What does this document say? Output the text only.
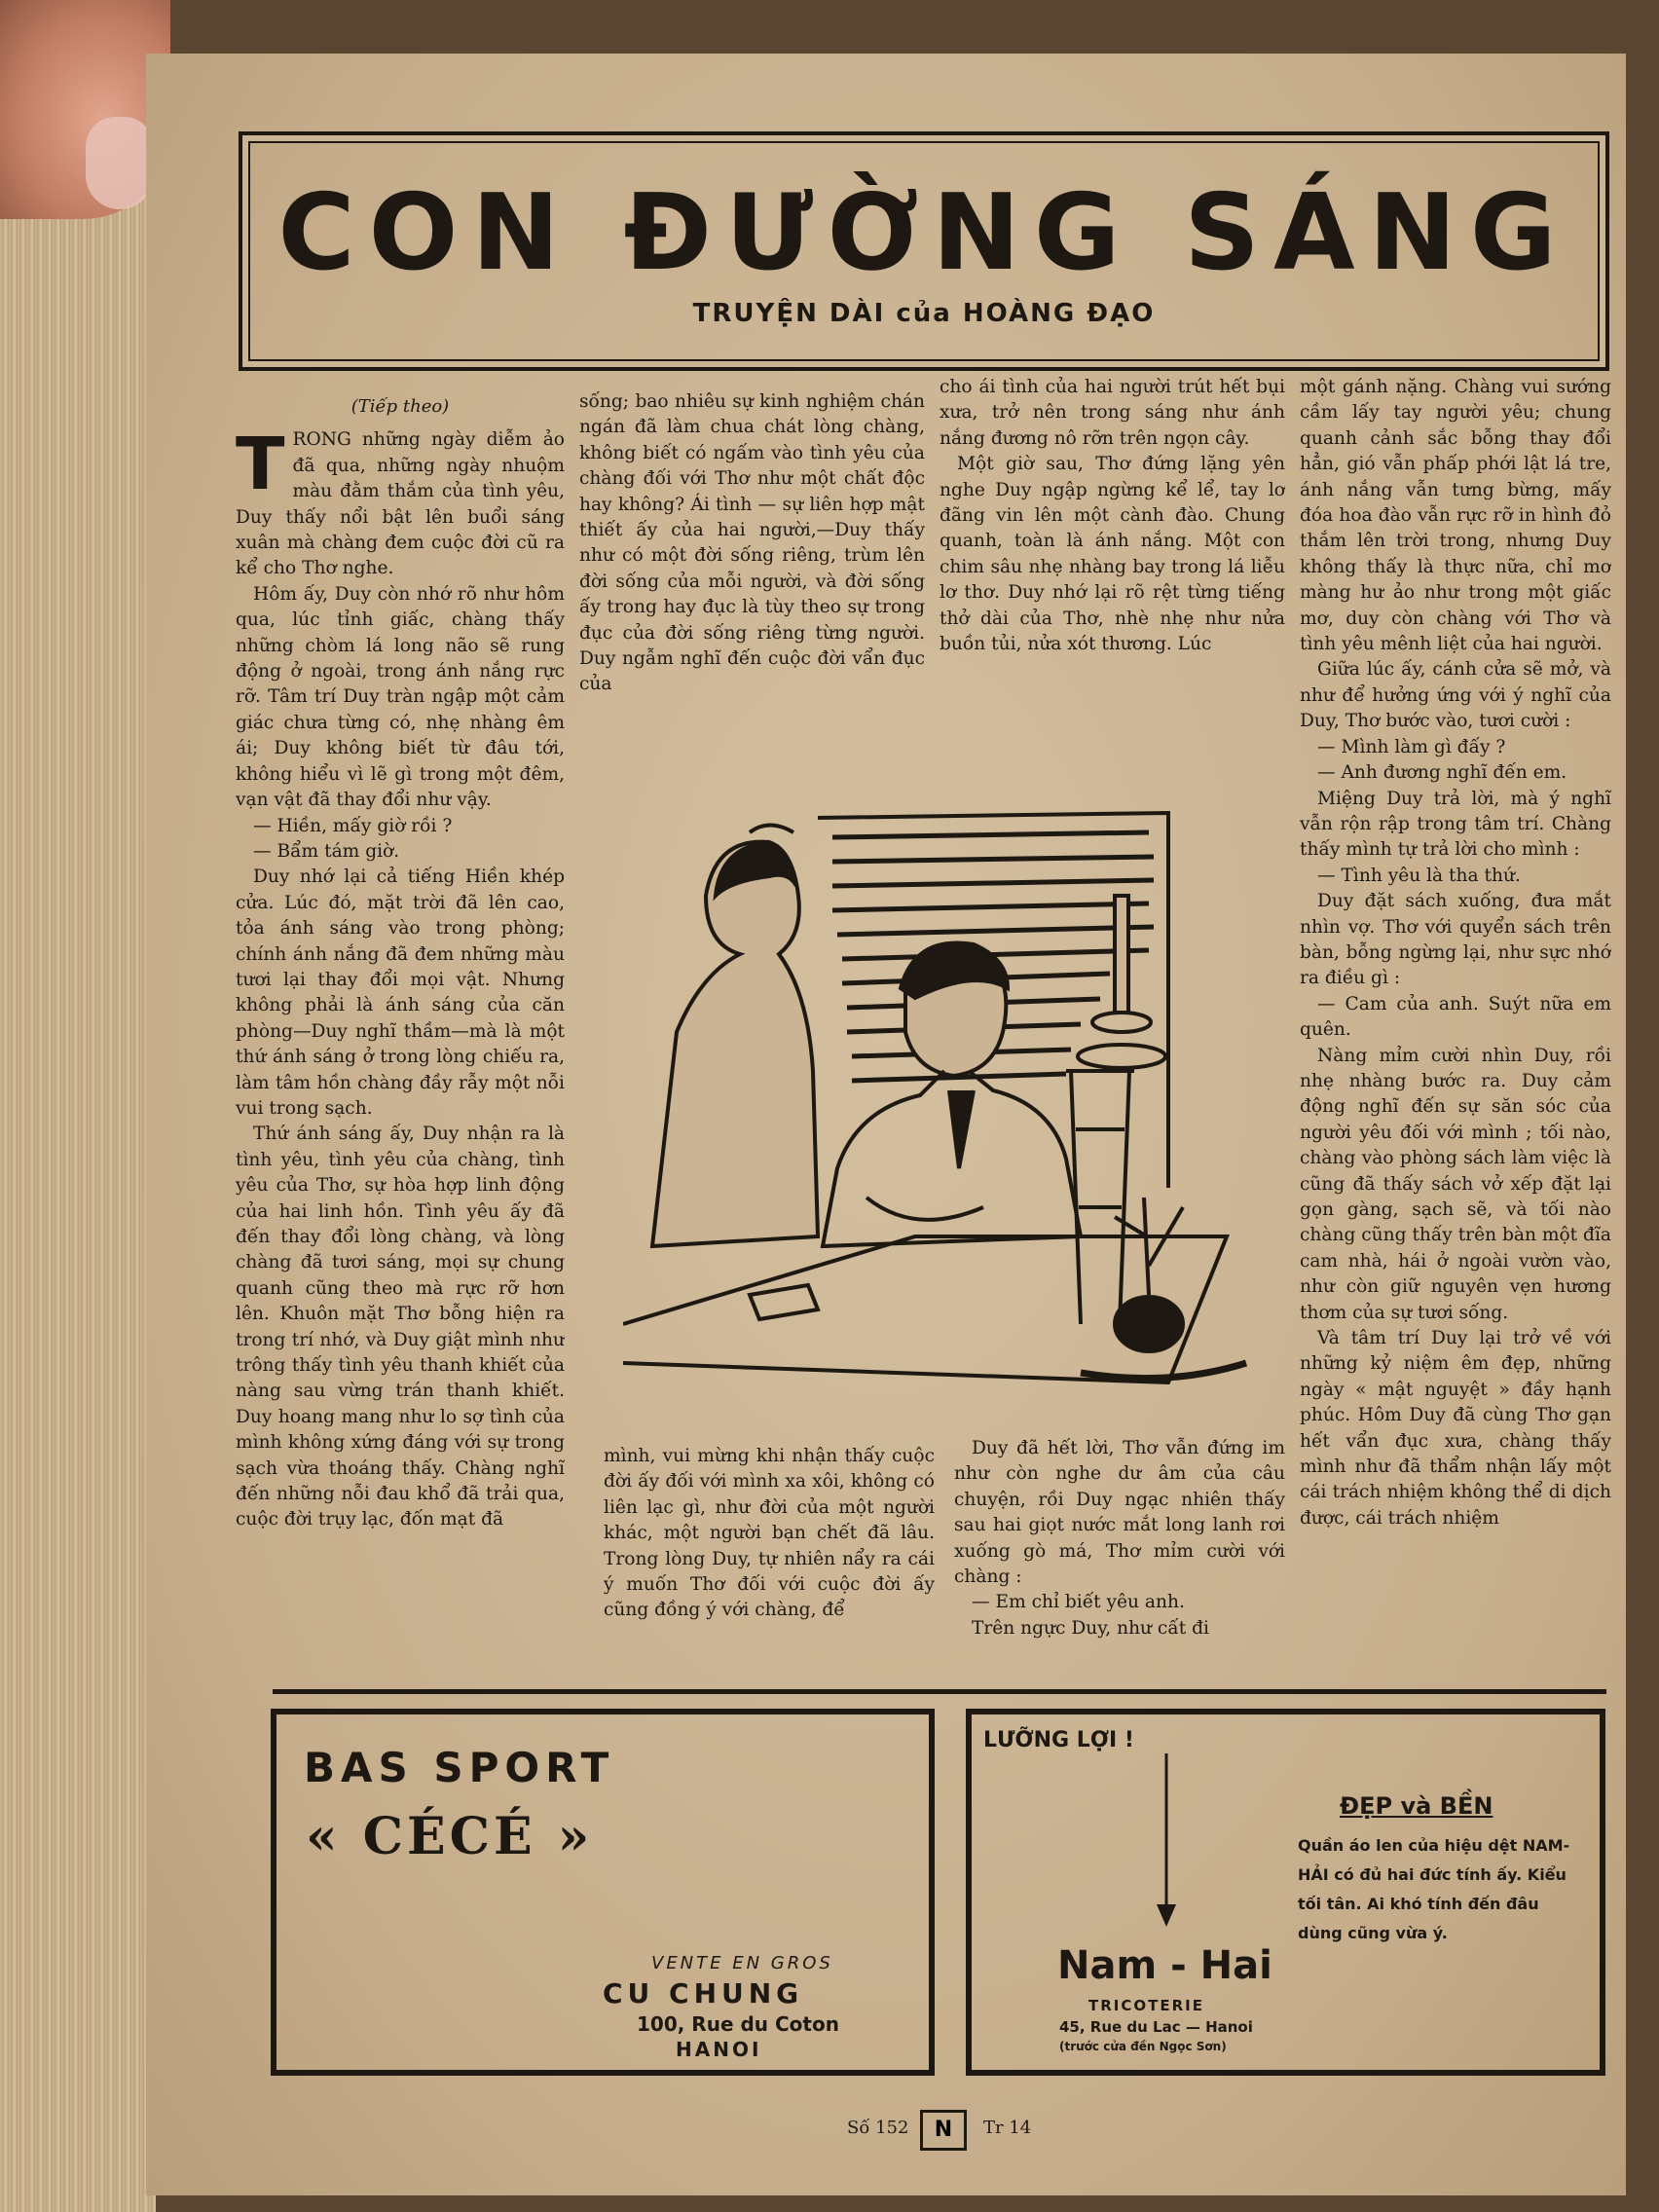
CON ĐƯỜNG SÁNG
TRUYỆN DÀI của HOÀNG ĐẠO

(Tiếp theo)

TRONG những ngày diễm ảo đã qua, những ngày nhuộm màu đằm thắm của tình yêu, Duy thấy nổi bật lên buổi sáng xuân mà chàng đem cuộc đời cũ ra kể cho Thơ nghe.

Hôm ấy, Duy còn nhớ rõ như hôm qua, lúc tỉnh giấc, chàng thấy những chòm lá long não sẽ rung động ở ngoài, trong ánh nắng rực rỡ. Tâm trí Duy tràn ngập một cảm giác chưa từng có, nhẹ nhàng êm ái; Duy không biết từ đâu tới, không hiểu vì lẽ gì trong một đêm, vạn vật đã thay đổi như vậy.

— Hiền, mấy giờ rồi ?

— Bẩm tám giờ.

Duy nhớ lại cả tiếng Hiền khép cửa. Lúc đó, mặt trời đã lên cao, tỏa ánh sáng vào trong phòng; chính ánh nắng đã đem những màu tươi lại thay đổi mọi vật. Nhưng không phải là ánh sáng của căn phòng—Duy nghĩ thầm—mà là một thứ ánh sáng ở trong lòng chiếu ra, làm tâm hồn chàng đầy rẫy một nỗi vui trong sạch.

Thứ ánh sáng ấy, Duy nhận ra là tình yêu, tình yêu của chàng, tình yêu của Thơ, sự hòa hợp linh động của hai linh hồn. Tình yêu ấy đã đến thay đổi lòng chàng, và lòng chàng đã tươi sáng, mọi sự chung quanh cũng theo mà rực rỡ hơn lên. Khuôn mặt Thơ bỗng hiện ra trong trí nhớ, và Duy giật mình như trông thấy tình yêu thanh khiết của nàng sau vừng trán thanh khiết. Duy hoang mang như lo sợ tình của mình không xứng đáng với sự trong sạch vừa thoáng thấy. Chàng nghĩ đến những nỗi đau khổ đã trải qua, cuộc đời trụy lạc, đốn mạt đã

sống; bao nhiêu sự kinh nghiệm chán ngán đã làm chua chát lòng chàng, không biết có ngấm vào tình yêu của chàng đối với Thơ như một chất độc hay không? Ái tình — sự liên hợp mật thiết ấy của hai người,—Duy thấy như có một đời sống riêng, trùm lên đời sống của mỗi người, và đời sống ấy trong hay đục là tùy theo sự trong đục của đời sống riêng từng người. Duy ngẫm nghĩ đến cuộc đời vẩn đục của

cho ái tình của hai người trút hết bụi xưa, trở nên trong sáng như ánh nắng đương nô rỡn trên ngọn cây.

Một giờ sau, Thơ đứng lặng yên nghe Duy ngập ngừng kể lể, tay lơ đãng vin lên một cành đào. Chung quanh, toàn là ánh nắng. Một con chim sâu nhẹ nhàng bay trong lá liễu lơ thơ. Duy nhớ lại rõ rệt từng tiếng thở dài của Thơ, nhè nhẹ như nửa buồn tủi, nửa xót thương. Lúc

một gánh nặng. Chàng vui sướng cầm lấy tay người yêu; chung quanh cảnh sắc bỗng thay đổi hẳn, gió vẫn phấp phới lật lá tre, ánh nắng vẫn tưng bừng, mấy đóa hoa đào vẫn rực rỡ in hình đỏ thắm lên trời trong, nhưng Duy không thấy là thực nữa, chỉ mơ màng hư ảo như trong một giấc mơ, duy còn chàng với Thơ và tình yêu mênh liệt của hai người.

Giữa lúc ấy, cánh cửa sẽ mở, và như để hưởng ứng với ý nghĩ của Duy, Thơ bước vào, tươi cười :

— Mình làm gì đấy ?

— Anh đương nghĩ đến em.

Miệng Duy trả lời, mà ý nghĩ vẫn rộn rập trong tâm trí. Chàng thấy mình tự trả lời cho mình :

— Tình yêu là tha thứ.

Duy đặt sách xuống, đưa mắt nhìn vợ. Thơ với quyển sách trên bàn, bỗng ngừng lại, như sực nhớ ra điều gì :

— Cam của anh. Suýt nữa em quên.

Nàng mỉm cười nhìn Duy, rồi nhẹ nhàng bước ra. Duy cảm động nghĩ đến sự săn sóc của người yêu đối với mình ; tối nào, chàng vào phòng sách làm việc là cũng đã thấy sách vở xếp đặt lại gọn gàng, sạch sẽ, và tối nào chàng cũng thấy trên bàn một đĩa cam nhà, hái ở ngoài vườn vào, như còn giữ nguyên vẹn hương thơm của sự tươi sống.

Và tâm trí Duy lại trở về với những kỷ niệm êm đẹp, những ngày « mật nguyệt » đầy hạnh phúc. Hôm Duy đã cùng Thơ gạn hết vẩn đục xưa, chàng thấy mình như đã thẩm nhận lấy một cái trách nhiệm không thể di dịch được, cái trách nhiệm

mình, vui mừng khi nhận thấy cuộc đời ấy đối với mình xa xôi, không có liên lạc gì, như đời của một người khác, một người bạn chết đã lâu. Trong lòng Duy, tự nhiên nẩy ra cái ý muốn Thơ đối với cuộc đời ấy cũng đồng ý với chàng, để

Duy đã hết lời, Thơ vẫn đứng im như còn nghe dư âm của câu chuyện, rồi Duy ngạc nhiên thấy sau hai giọt nước mắt long lanh rơi xuống gò má, Thơ mỉm cười với chàng :

— Em chỉ biết yêu anh.

Trên ngực Duy, như cất đi

BAS SPORT
« CÉCÉ »
VENTE EN GROS
CU CHUNG
100, Rue du Coton
HANOI
LƯỠNG LỢI !
ĐẸP và BỀN
Quần áo len của hiệu dệt NAM-HẢI có đủ hai đức tính ấy. Kiểu tối tân. Ai khó tính đến đâu dùng cũng vừa ý.
Nam - Hai
TRICOTERIE
45, Rue du Lac — Hanoi
(trước cửa đền Ngọc Sơn)
Số 152	N	Tr 14
